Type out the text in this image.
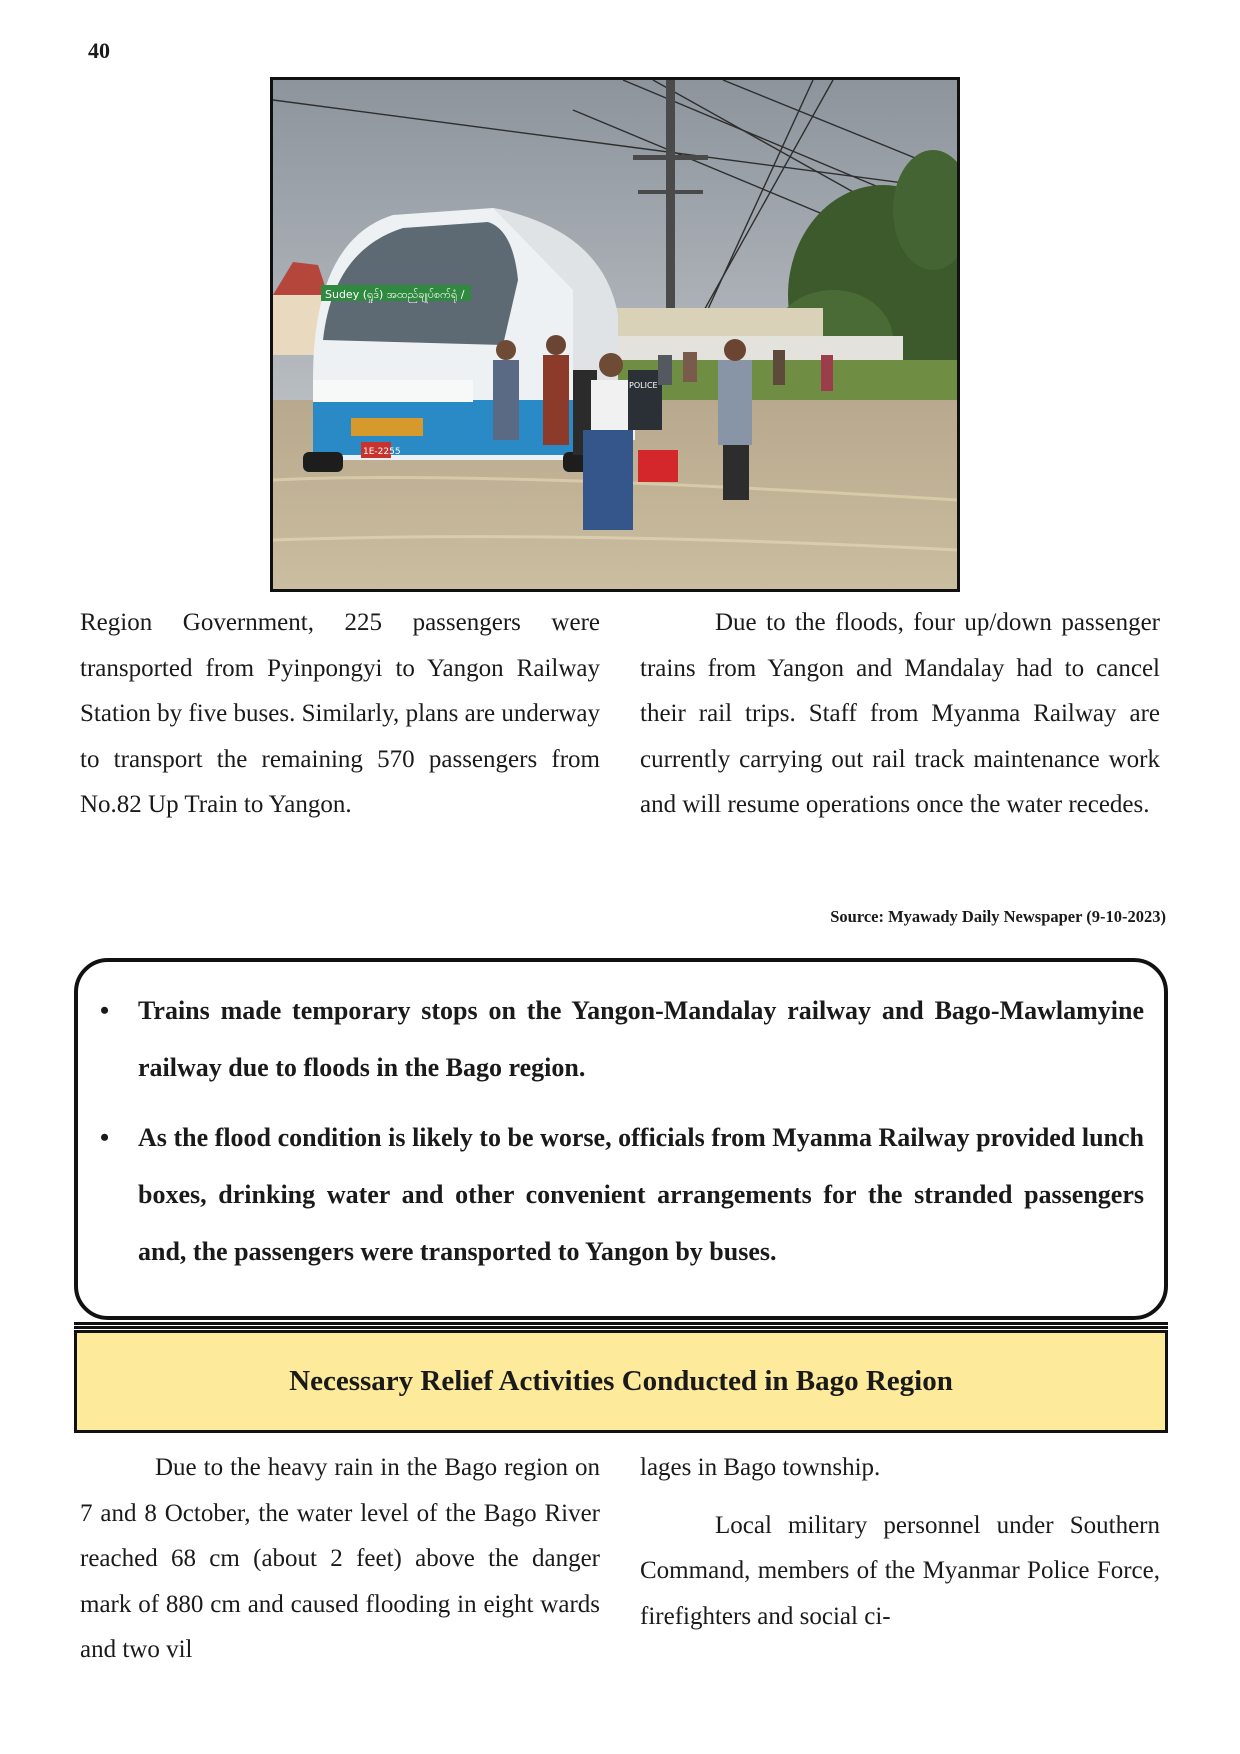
40
Sudey (ရှုဒ်) အထည်ချုပ်စက်ရုံ /
1E-2255
POLICE

Region Government, 225 passengers were transported from Pyinpongyi to Yangon Railway Station by five buses. Similarly, plans are underway to transport the remaining 570 passengers from No.82 Up Train to Yangon.

Due to the floods, four up/down passenger trains from Yangon and Mandalay had to cancel their rail trips. Staff from Myanma Railway are currently carrying out rail track maintenance work and will resume operations once the water recedes.

Source: Myawady Daily Newspaper (9-10-2023)
• Trains made temporary stops on the Yangon-Mandalay railway and Bago-Mawlamyine railway due to floods in the Bago region.
• As the flood condition is likely to be worse, officials from Myanma Railway provided lunch boxes, drinking water and other convenient arrangements for the stranded passengers and, the passengers were transported to Yangon by buses.
Necessary Relief Activities Conducted in Bago Region

Due to the heavy rain in the Bago region on 7 and 8 October, the water level of the Bago River reached 68 cm (about 2 feet) above the danger mark of 880 cm and caused flooding in eight wards and two vil

lages in Bago township.

Local military personnel under Southern Command, members of the Myanmar Police Force, firefighters and social ci-
